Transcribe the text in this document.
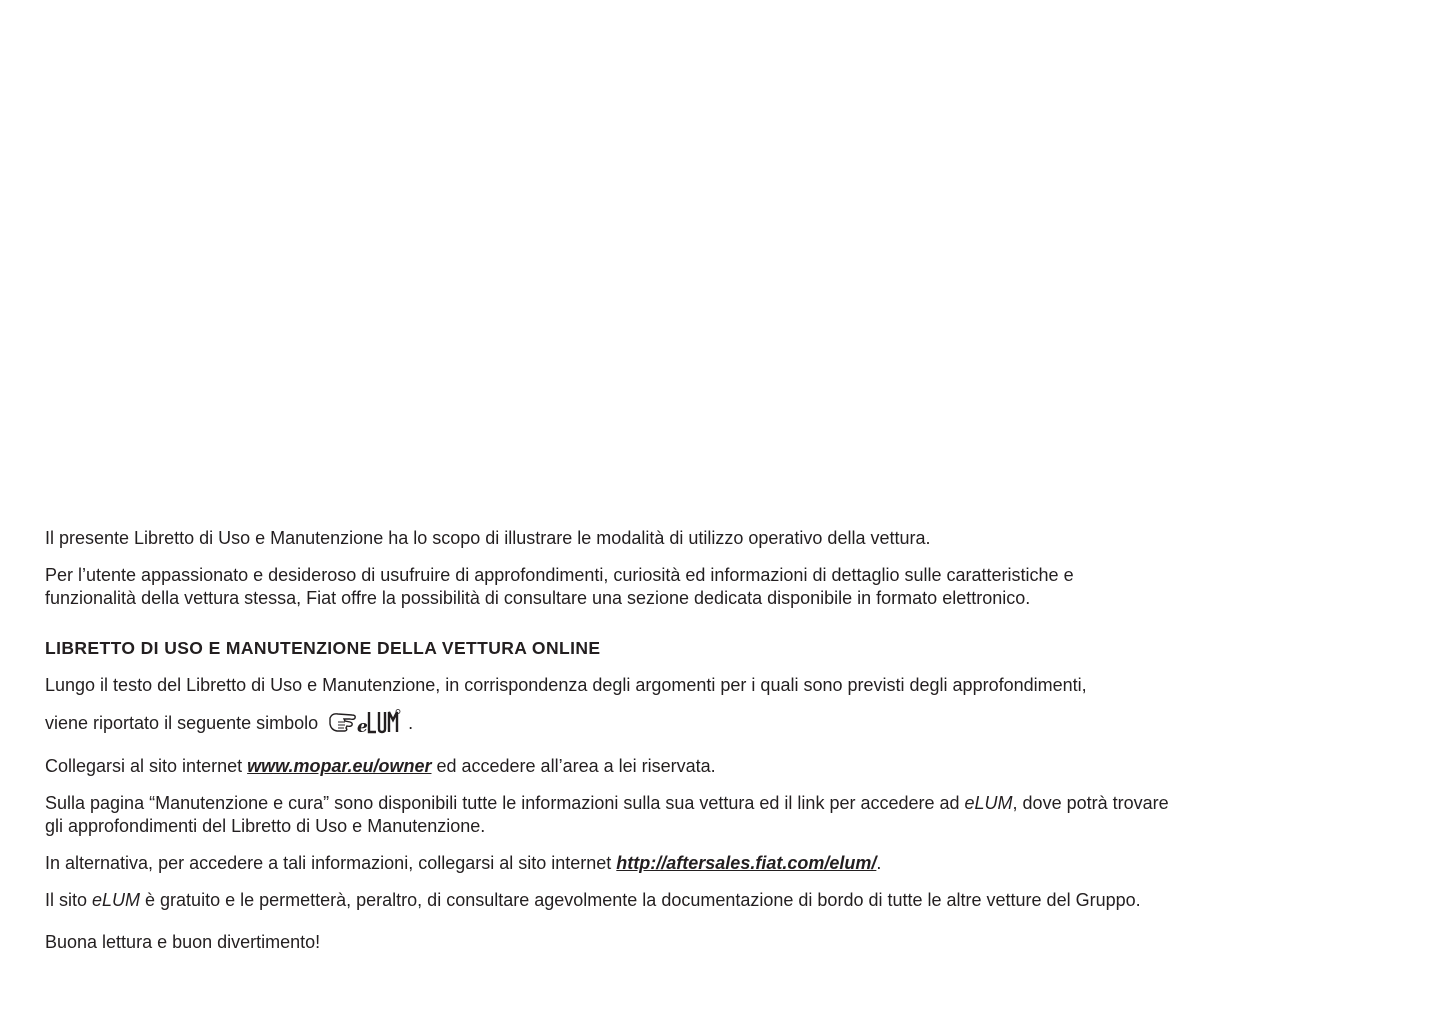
Il presente Libretto di Uso e Manutenzione ha lo scopo di illustrare le modalità di utilizzo operativo della vettura.

Per l’utente appassionato e desideroso di usufruire di approfondimenti, curiosità ed informazioni di dettaglio sulle caratteristiche e

funzionalità della vettura stessa, Fiat offre la possibilità di consultare una sezione dedicata disponibile in formato elettronico.

LIBRETTO DI USO E MANUTENZIONE DELLA VETTURA ONLINE

Lungo il testo del Libretto di Uso e Manutenzione, in corrispondenza degli argomenti per i quali sono previsti degli approfondimenti,

viene riportato il seguente simbolo e .

Collegarsi al sito internet www.mopar.eu/owner ed accedere all’area a lei riservata.

Sulla pagina “Manutenzione e cura” sono disponibili tutte le informazioni sulla sua vettura ed il link per accedere ad eLUM, dove potrà trovare

gli approfondimenti del Libretto di Uso e Manutenzione.

In alternativa, per accedere a tali informazioni, collegarsi al sito internet http://aftersales.fiat.com/elum/.

Il sito eLUM è gratuito e le permetterà, peraltro, di consultare agevolmente la documentazione di bordo di tutte le altre vetture del Gruppo.

Buona lettura e buon divertimento!
